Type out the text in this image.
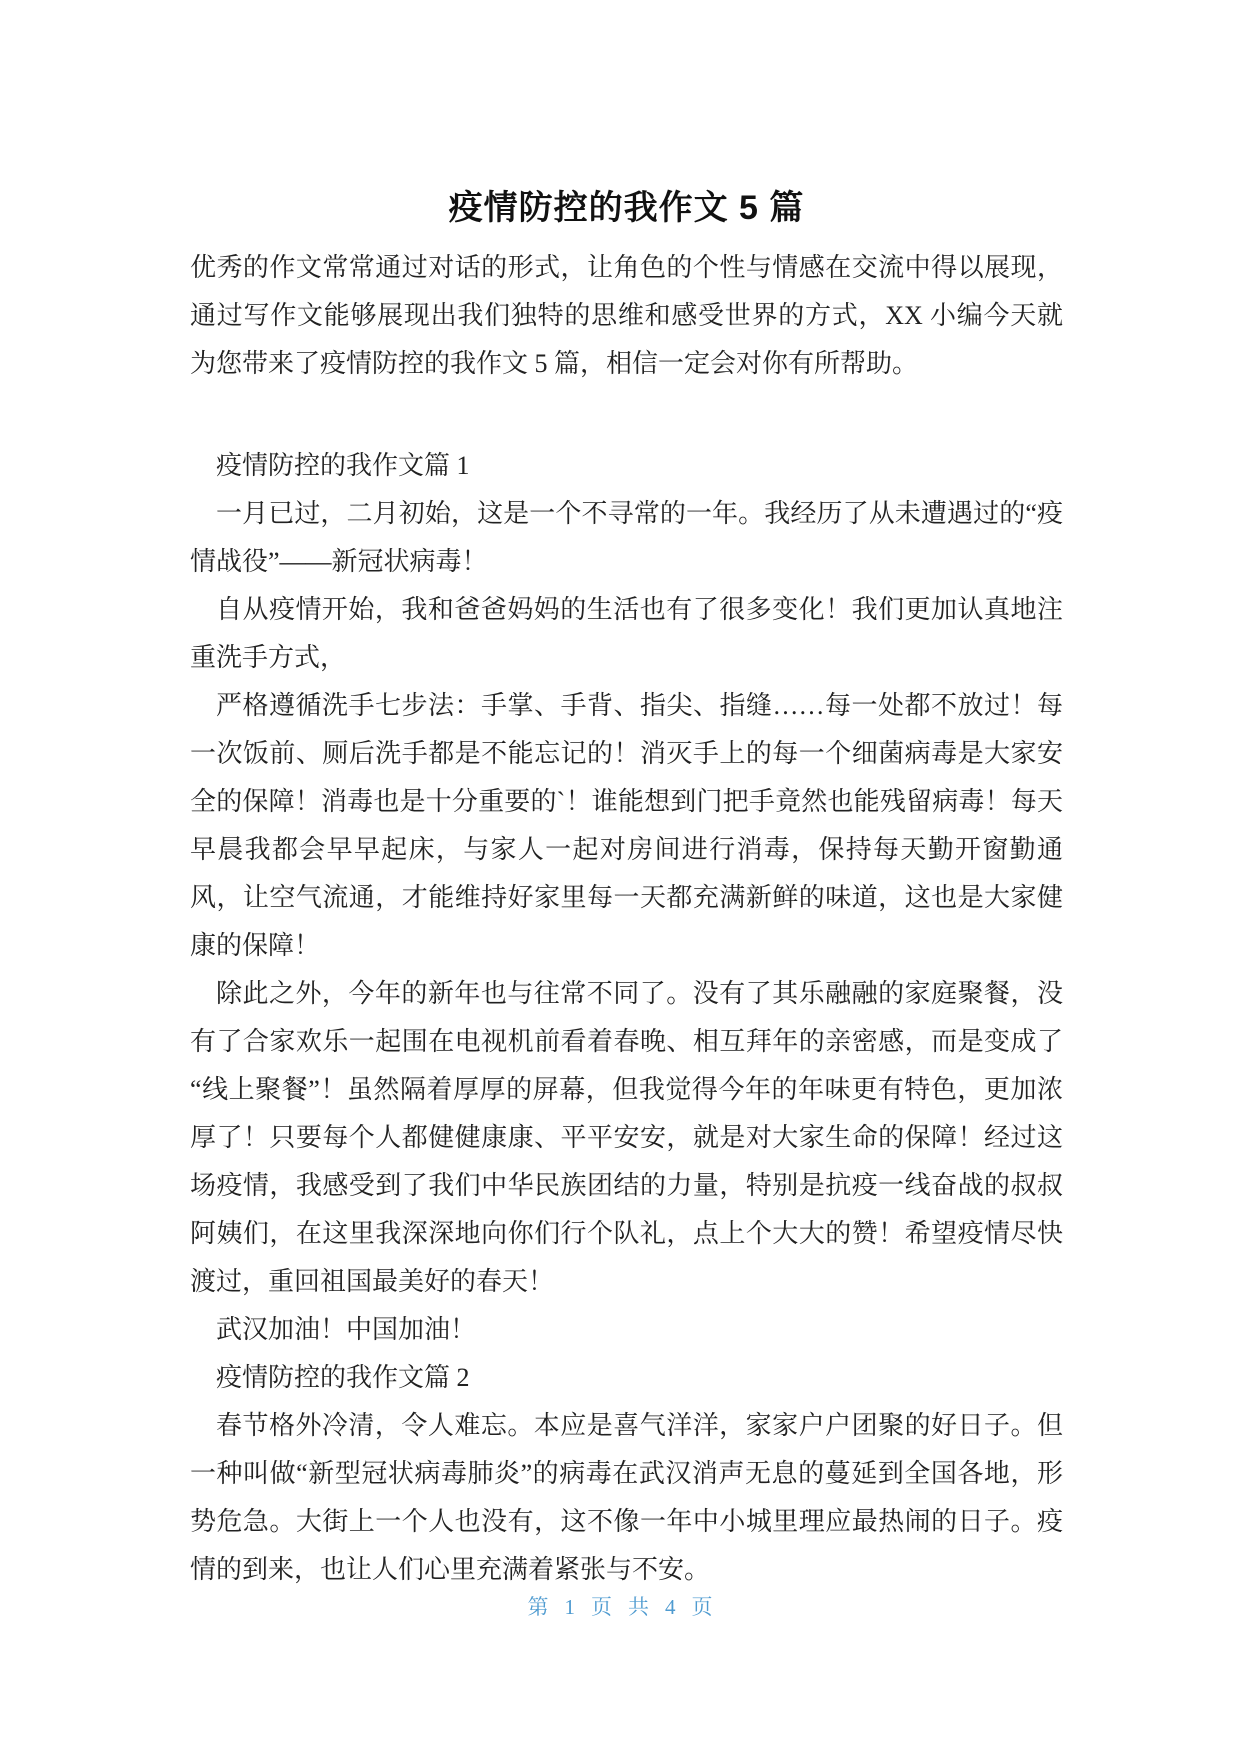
疫情防控的我作文 5 篇

优秀的作文常常通过对话的形式，让角色的个性与情感在交流中得以展现，通过写作文能够展现出我们独特的思维和感受世界的方式，XX 小编今天就为您带来了疫情防控的我作文 5 篇，相信一定会对你有所帮助。

疫情防控的我作文篇 1

一月已过，二月初始，这是一个不寻常的一年。我经历了从未遭遇过的“疫情战役”——新冠状病毒！

自从疫情开始，我和爸爸妈妈的生活也有了很多变化！我们更加认真地注重洗手方式，

严格遵循洗手七步法：手掌、手背、指尖、指缝……每一处都不放过！每一次饭前、厕后洗手都是不能忘记的！消灭手上的每一个细菌病毒是大家安全的保障！消毒也是十分重要的`！谁能想到门把手竟然也能残留病毒！每天早晨我都会早早起床，与家人一起对房间进行消毒，保持每天勤开窗勤通风，让空气流通，才能维持好家里每一天都充满新鲜的味道，这也是大家健康的保障！

除此之外，今年的新年也与往常不同了。没有了其乐融融的家庭聚餐，没有了合家欢乐一起围在电视机前看着春晚、相互拜年的亲密感，而是变成了“线上聚餐”！虽然隔着厚厚的屏幕，但我觉得今年的年味更有特色，更加浓厚了！只要每个人都健健康康、平平安安，就是对大家生命的保障！经过这场疫情，我感受到了我们中华民族团结的力量，特别是抗疫一线奋战的叔叔阿姨们，在这里我深深地向你们行个队礼，点上个大大的赞！希望疫情尽快渡过，重回祖国最美好的春天！

武汉加油！中国加油！

疫情防控的我作文篇 2

春节格外冷清，令人难忘。本应是喜气洋洋，家家户户团聚的好日子。但一种叫做“新型冠状病毒肺炎”的病毒在武汉消声无息的蔓延到全国各地，形势危急。大街上一个人也没有，这不像一年中小城里理应最热闹的日子。疫情的到来，也让人们心里充满着紧张与不安。

第 1 页 共 4 页
